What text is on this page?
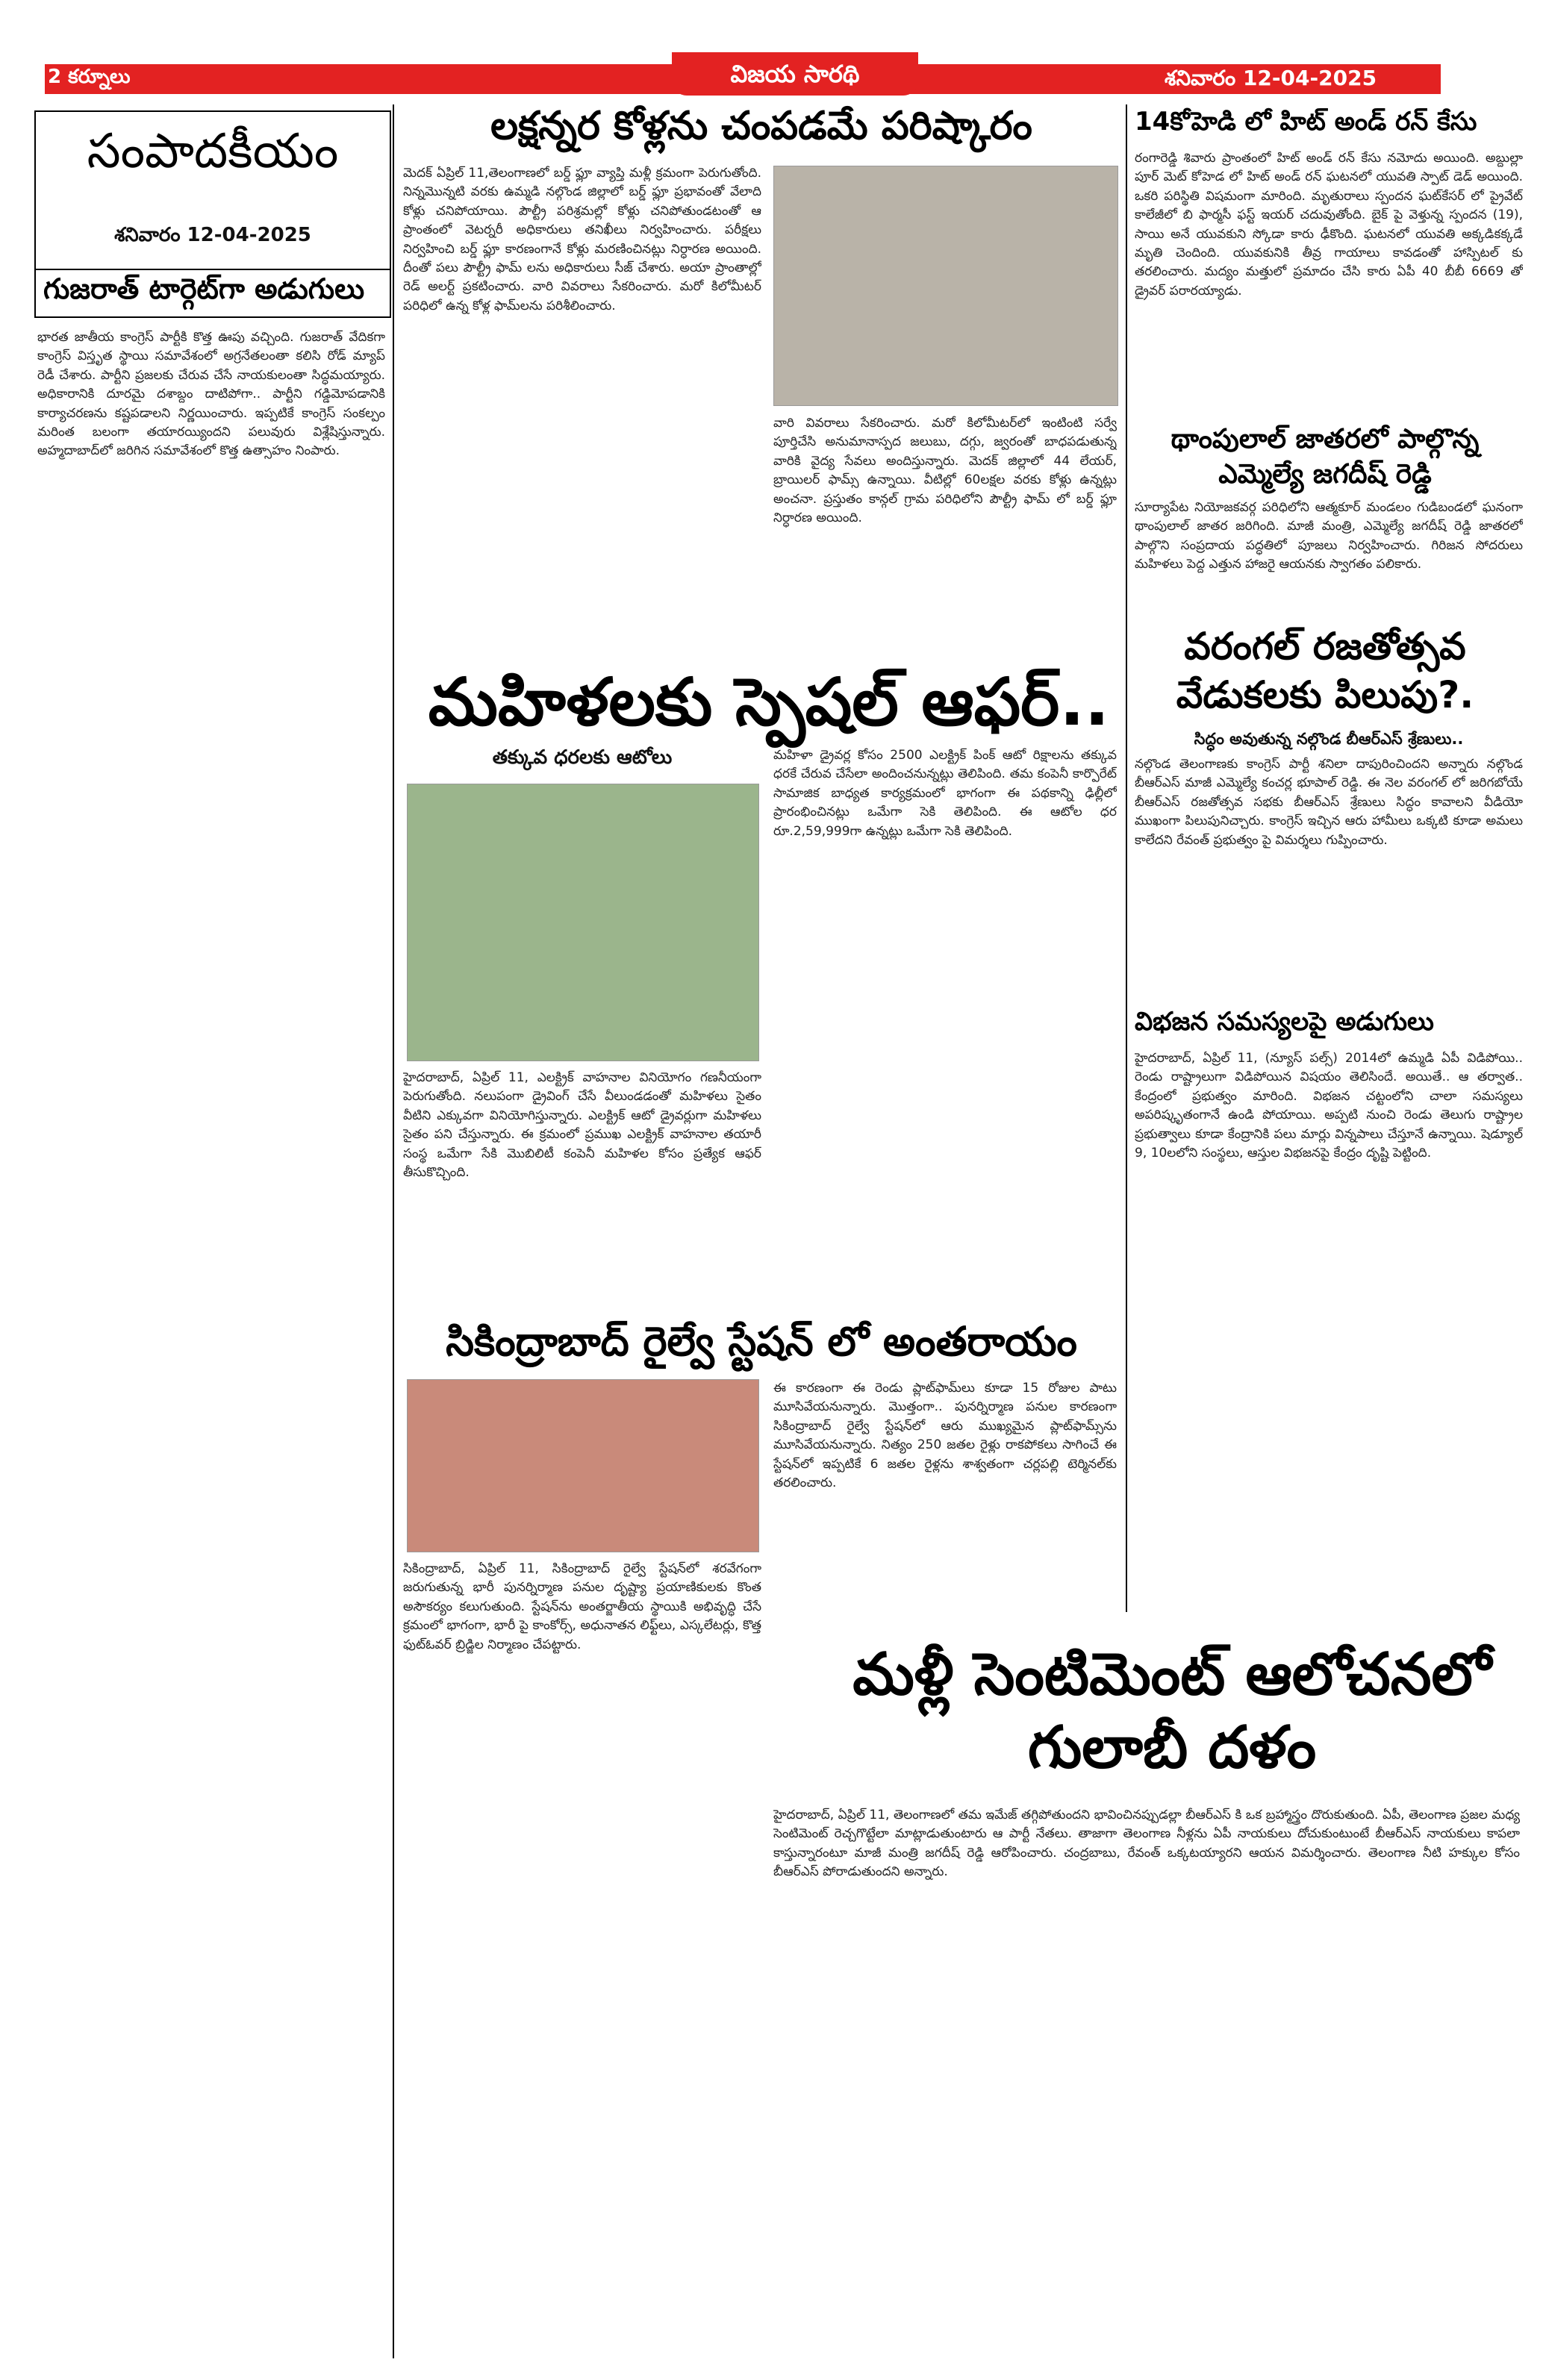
2 కర్నూలు	విజయ సారథి	శనివారం 12-04-2025
సంపాదకీయం
శనివారం 12-04-2025
గుజరాత్ టార్గెట్‌గా అడుగులు
భారత జాతీయ కాంగ్రెస్ పార్టీకి కొత్త ఊపు వచ్చింది. గుజరాత్ వేదికగా కాంగ్రెస్ విస్తృత స్థాయి సమావేశంలో అగ్రనేతలంతా కలిసి రోడ్ మ్యాప్ రెడీ చేశారు. పార్టీని ప్రజలకు చేరువ చేసే నాయకులంతా సిద్ధమయ్యారు. అధికారానికి దూరమై దశాబ్దం దాటిపోగా.. పార్టీని గడ్డిమోపడానికి కార్యాచరణను కష్టపడాలని నిర్ణయించారు. ఇప్పటికే కాంగ్రెస్ సంకల్పం మరింత బలంగా తయారయ్యిందని పలువురు విశ్లేషిస్తున్నారు. అహ్మదాబాద్‌లో జరిగిన సమావేశంలో కొత్త ఉత్సాహం నింపారు.
లక్షన్నర కోళ్లను చంపడమే పరిష్కారం
మెదక్ ఏప్రిల్ 11,తెలంగాణలో బర్డ్ ఫ్లూ వ్యాప్తి మళ్లీ క్రమంగా పెరుగుతోంది. నిన్నమొన్నటి వరకు ఉమ్మడి నల్గొండ జిల్లాలో బర్డ్ ఫ్లూ ప్రభావంతో వేలాది కోళ్లు చనిపోయాయి. పౌల్ట్రీ పరిశ్రమల్లో కోళ్లు చనిపోతుండటంతో ఆ ప్రాంతంలో వెటర్నరీ అధికారులు తనిఖీలు నిర్వహించారు. పరీక్షలు నిర్వహించి బర్డ్ ఫ్లూ కారణంగానే కోళ్లు మరణించినట్లు నిర్ధారణ అయింది. దీంతో పలు పౌల్ట్రీ ఫామ్ లను అధికారులు సీజ్ చేశారు. అయా ప్రాంతాల్లో రెడ్ అలర్ట్ ప్రకటించారు. వారి వివరాలు సేకరించారు. మరో కిలోమీటర్ పరిధిలో ఉన్న కోళ్ల ఫామ్‌లను పరిశీలించారు.
వారి వివరాలు సేకరించారు. మరో కిలోమీటర్‌లో ఇంటింటి సర్వే పూర్తిచేసి అనుమానాస్పద జలుబు, దగ్గు, జ్వరంతో బాధపడుతున్న వారికి వైద్య సేవలు అందిస్తున్నారు. మెదక్ జిల్లాలో 44 లేయర్, బ్రాయిలర్ ఫామ్స్ ఉన్నాయి. వీటిల్లో 60లక్షల వరకు కోళ్లు ఉన్నట్లు అంచనా. ప్రస్తుతం కాన్గల్ గ్రామ పరిధిలోని పౌల్ట్రీ ఫామ్ లో బర్డ్ ఫ్లూ నిర్ధారణ అయింది.
మహిళలకు స్పెషల్ ఆఫర్..
తక్కువ ధరలకు ఆటోలు
హైదరాబాద్, ఏప్రిల్ 11, ఎలక్ట్రిక్ వాహనాల వినియోగం గణనీయంగా పెరుగుతోంది. నలుపంగా డ్రైవింగ్ చేసే వీలుండడంతో మహిళలు సైతం వీటిని ఎక్కువగా వినియోగిస్తున్నారు. ఎలక్ట్రిక్ ఆటో డ్రైవర్లుగా మహిళలు సైతం పని చేస్తున్నారు. ఈ క్రమంలో ప్రముఖ ఎలక్ట్రిక్ వాహనాల తయారీ సంస్థ ఒమేగా సేకి మొబిలిటీ కంపెనీ మహిళల కోసం ప్రత్యేక ఆఫర్ తీసుకొచ్చింది.
మహిళా డ్రైవర్ల కోసం 2500 ఎలక్ట్రిక్ పింక్ ఆటో రిక్షాలను తక్కువ ధరకే చేరువ చేసేలా అందించనున్నట్లు తెలిపింది. తమ కంపెనీ కార్పొరేట్ సామాజిక బాధ్యత కార్యక్రమంలో భాగంగా ఈ పథకాన్ని ఢిల్లీలో ప్రారంభించినట్లు ఒమేగా సెకి తెలిపింది. ఈ ఆటోల ధర రూ.2,59,999గా ఉన్నట్లు ఒమేగా సెకి తెలిపింది.
సికింద్రాబాద్ రైల్వే స్టేషన్ లో అంతరాయం
సికింద్రాబాద్, ఏప్రిల్ 11, సికింద్రాబాద్ రైల్వే స్టేషన్‌లో శరవేగంగా జరుగుతున్న భారీ పునర్నిర్మాణ పనుల దృష్ట్యా ప్రయాణికులకు కొంత అసౌకర్యం కలుగుతుంది. స్టేషన్‌ను అంతర్జాతీయ స్థాయికి అభివృద్ధి చేసే క్రమంలో భాగంగా, భారీ పై కాంకోర్స్, అధునాతన లిఫ్ట్‌లు, ఎస్కలేటర్లు, కొత్త ఫుట్ఓవర్ బ్రిడ్జిల నిర్మాణం చేపట్టారు.
ఈ కారణంగా ఈ రెండు ప్లాట్‌ఫామ్‌లు కూడా 15 రోజుల పాటు మూసివేయనున్నారు. మొత్తంగా.. పునర్నిర్మాణ పనుల కారణంగా సికింద్రాబాద్ రైల్వే స్టేషన్‌లో ఆరు ముఖ్యమైన ప్లాట్‌ఫామ్స్‌ను మూసివేయనున్నారు. నిత్యం 250 జతల రైళ్లు రాకపోకలు సాగించే ఈ స్టేషన్‌లో ఇప్పటికే 6 జతల రైళ్లను శాశ్వతంగా చర్లపల్లి టెర్మినల్‌కు తరలించారు.
14కోహెడి లో హిట్ అండ్ రన్ కేసు
రంగారెడ్డి శివారు ప్రాంతంలో హిట్ అండ్ రన్ కేసు నమోదు అయింది. అబ్దుల్లా పూర్ మెట్ కోహెడ లో హిట్ అండ్ రన్ ఘటనలో యువతి స్పాట్ డెడ్ అయింది. ఒకరి పరిస్థితి విషమంగా మారింది. మృతురాలు స్పందన ఘట్‌కేసర్ లో ప్రైవేట్ కాలేజీలో బి ఫార్మసీ ఫస్ట్ ఇయర్ చదువుతోంది. బైక్ పై వెళ్తున్న స్పందన (19), సాయి అనే యువకుని స్కోడా కారు ఢీకొంది. ఘటనలో యువతి అక్కడికక్కడే మృతి చెందింది. యువకునికి తీవ్ర గాయాలు కావడంతో హాస్పిటల్ కు తరలించారు. మద్యం మత్తులో ప్రమాదం చేసి కారు ఏపీ 40 బీబీ 6669 తో డ్రైవర్ పరారయ్యాడు.
థాంపులాల్ జాతరలో పాల్గొన్న ఎమ్మెల్యే జగదీష్ రెడ్డి
సూర్యాపేట నియోజకవర్గ పరిధిలోని ఆత్మకూర్ మండలం గుడిబండలో ఘనంగా థాంపులాల్ జాతర జరిగింది. మాజీ మంత్రి, ఎమ్మెల్యే జగదీష్ రెడ్డి జాతరలో పాల్గొని సంప్రదాయ పద్ధతిలో పూజలు నిర్వహించారు. గిరిజన సోదరులు మహిళలు పెద్ద ఎత్తున హాజరై ఆయనకు స్వాగతం పలికారు.
వరంగల్ రజతోత్సవ వేడుకలకు పిలుపు?.
సిద్ధం అవుతున్న నల్గొండ బీఆర్ఎస్ శ్రేణులు..
నల్గొండ తెలంగాణకు కాంగ్రెస్ పార్టీ శనిలా దాపురించిందని అన్నారు నల్గొండ బీఆర్ఎస్ మాజీ ఎమ్మెల్యే కంచర్ల భూపాల్ రెడ్డి. ఈ నెల వరంగల్ లో జరిగబోయే బీఆర్ఎస్ రజతోత్సవ సభకు బీఆర్ఎస్ శ్రేణులు సిద్ధం కావాలని వీడియో ముఖంగా పిలుపునిచ్చారు. కాంగ్రెస్ ఇచ్చిన ఆరు హామీలు ఒక్కటి కూడా అమలు కాలేదని రేవంత్ ప్రభుత్వం పై విమర్శలు గుప్పించారు.
విభజన సమస్యలపై అడుగులు
హైదరాబాద్, ఏప్రిల్ 11, (న్యూస్ పల్స్) 2014లో ఉమ్మడి ఏపీ విడిపోయి.. రెండు రాష్ట్రాలుగా విడిపోయిన విషయం తెలిసిందే. అయితే.. ఆ తర్వాత.. కేంద్రంలో ప్రభుత్వం మారింది. విభజన చట్టంలోని చాలా సమస్యలు అపరిష్కృతంగానే ఉండి పోయాయి. అప్పటి నుంచి రెండు తెలుగు రాష్ట్రాల ప్రభుత్వాలు కూడా కేంద్రానికి పలు మార్లు విన్నపాలు చేస్తూనే ఉన్నాయి. షెడ్యూల్ 9, 10లలోని సంస్థలు, ఆస్తుల విభజనపై కేంద్రం దృష్టి పెట్టింది.
మళ్లీ సెంటిమెంట్ ఆలోచనలో గులాబీ దళం
హైదరాబాద్, ఏప్రిల్ 11, తెలంగాణలో తమ ఇమేజ్ తగ్గిపోతుందని భావించినప్పుడల్లా బీఆర్ఎస్ కి ఒక బ్రహ్మాస్త్రం దొరుకుతుంది. ఏపీ, తెలంగాణ ప్రజల మధ్య సెంటిమెంట్ రెచ్చగొట్టేలా మాట్లాడుతుంటారు ఆ పార్టీ నేతలు. తాజాగా తెలంగాణ నీళ్లను ఏపీ నాయకులు దోచుకుంటుంటే బీఆర్ఎస్ నాయకులు కాపలా కాస్తున్నారంటూ మాజీ మంత్రి జగదీష్ రెడ్డి ఆరోపించారు. చంద్రబాబు, రేవంత్ ఒక్కటయ్యారని ఆయన విమర్శించారు. తెలంగాణ నీటి హక్కుల కోసం బీఆర్ఎస్ పోరాడుతుందని అన్నారు.
